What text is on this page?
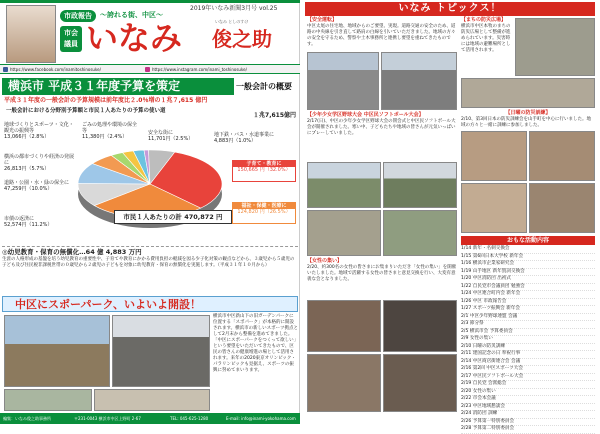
2019年いなみ新聞3月号 vol.25
市政報告	～誇れる街、中区～
市会
議員 いなみ	俊之助
いなみ としのすけ
https://www.facebook.com/inamitoshinosuke/	https://www.instagram.com/inami_toshinosuke/
横浜市 平成３１年度予算を策定	一般会計の概要
平成３１年度の一般会計の予算規模は前年度比２.0％増の１兆７,615 億円
一般会計における分野別予算額と市民１人あたりの予算の使い道
１兆7,615億円
地球づくりとスポーツ・文化・観光の振興等
13,066円（2.8%）
ごみの処理や環境の保全等
11,380円（2.4%）
安全な街に
11,701円（2.5%）
地下鉄・バス・水道事業に
4,883円（1.0%）
横浜の都市づくりや経済の発展に
26,813円（5.7%）
道路・公園・水・緑の保全に
47,259円（10.0%）
市債の返済に
52,574円（11.2%）
市民１人あたりの計 470,872 円
子育て・教育に
150,665 円（32.0%）
福祉・保健・医療に
124,820 円（26.5%）
◎幼児教育・保育の無償化…64 億 4,883 万円
生涯の人格形成の基盤を培う幼児教育の重要性や、子育てや教育にかかる費用負担の軽減を図る少子化対策の観点などから、３歳児から５歳児の子ども及び住民税非課税世帯の０歳児から２歳児の子どもを対象に幼児教育・保育の無償化を実施します。（平成３１年１０月から）
中区にスポーパーク、いよいよ開設！
横浜市中区新山下の旧ガーデンパークに位置する「スポパーク」が本格的に開設されます。横浜市の新しいスポーツ拠点として2月末から整備を進めてきました。「中区にスポーパークをつくって欲しい」という要望をいただいてきたもので、区民の皆さんの健康増進の場として活用されます。来年の2020東京オリンピック・パラリンピックも見据え、スポーツの振興に努めてまいります。
編集：いなみ俊之助事務所	〒231-0043 横浜市中区上野町 2-67	TEL: 045-625-1280	E-mail: info@inami-yokohama.com
いなみ トピックス！
【安全運転】
中区太尾の住宅地、地域からのご要望、実現。道路交通の安全のため、道路の中央線を引き直して路肩の白線を引いていただきました。地域の方々の安全を守るため、警察や土木事務所と連携し要望を重ねてきたものです。
【まちの防災広場】
横浜市中区本牧のまちの防災広場として整備が進められています。災害時には地域の避難場所として活用されます。
【少年少女学区野球大会 中区民ソフトボール大会】
2/17(日)、中区の少年少女学区野球大会の閉会式と中区民ソフトボール大会が開催されました。寒い中、子どもたちや地域の皆さんが元気いっぱいにプレーしていました。
【日曜の防災訓練】
2/10、第3回日本の防災訓練会を山手町を中心に行いました。地域の方々と一緒に訓練に参加しました。
おもな活動内容
1/14 新年・名刺交換会
1/15 第6回日本大学校 新年会
1/16 横浜市企業家研究会
1/19 山手地区 新年賀詞交換会
1/20 中区消防団 出初式
1/22 自民党市会議員団 勉強会
1/24 中区連合町内会 新年会
1/26 中区 市政報告会
1/27 スポーツ振興会 新年会
2/1 中区少年野球連盟 会議
2/3 節分祭
2/5 横浜市会 予算委員会
2/9 女性の集い
2/10 日曜の防災訓練
2/11 建国記念の日 奉祝行事
2/14 中区商店街連合会 会議
2/16 第2回 中区スポーツ大会
2/17 中区民ソフトボール大会
2/19 自民党 会派総会
2/20 女性の集い
2/22 市会本会議
2/23 中区地域懇談会
2/24 消防団 訓練
2/26 予算第一特別委員会
2/28 予算第二特別委員会
【女性の集い】
2/20、約300名の女性の皆さまにお集まりいただき「女性の集い」を開催いたしました。地域で活躍する女性の皆さまと意見交換を行い、大変有意義な会となりました。
